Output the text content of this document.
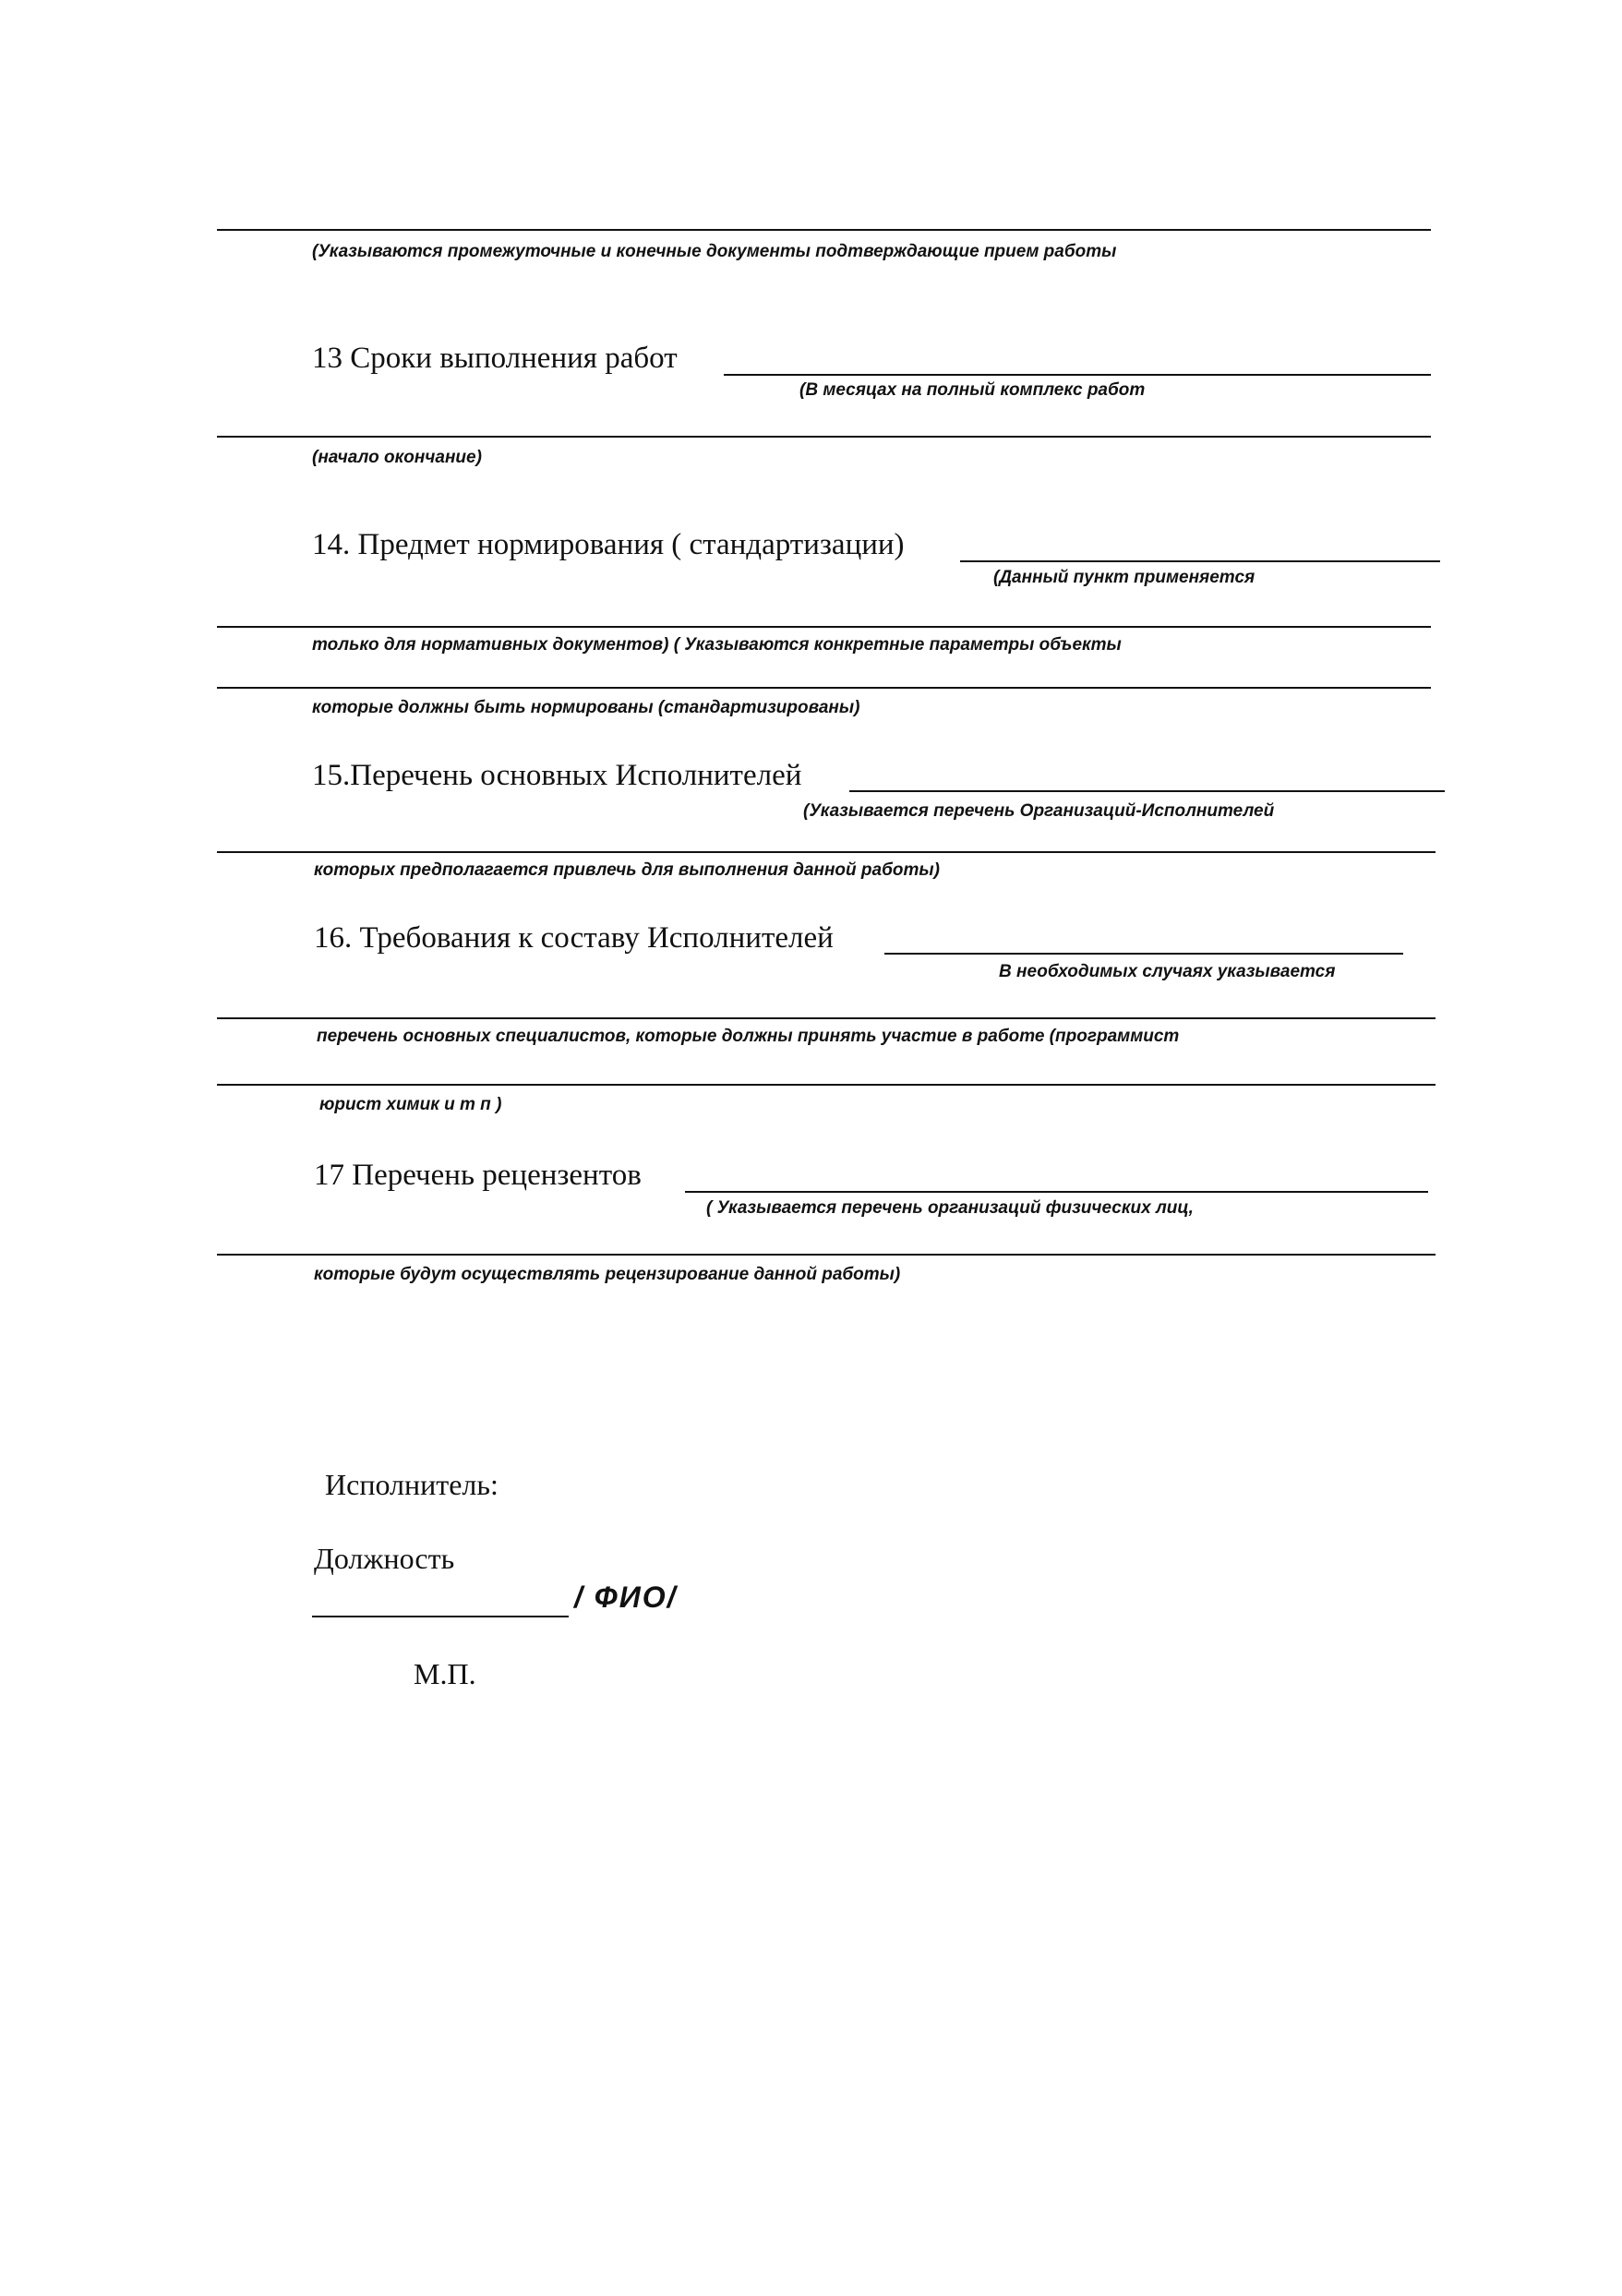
(Указываются промежуточные и конечные документы подтверждающие прием работы
13 Сроки выполнения работ
(В месяцах на полный комплекс работ
(начало окончание)
14. Предмет нормирования ( стандартизации)
(Данный пункт применяется
только для нормативных документов) ( Указываются конкретные параметры объекты
которые должны быть нормированы (стандартизированы)
15.Перечень основных Исполнителей
(Указывается перечень Организаций-Исполнителей
которых предполагается привлечь для выполнения данной работы)
16. Требования к составу Исполнителей
В необходимых случаях указывается
перечень основных специалистов, которые должны принять участие в работе (программист
юрист химик и т п )
17 Перечень рецензентов
( Указывается перечень организаций физических лиц,
которые будут осуществлять рецензирование данной работы)
Исполнитель:
Должность
/ ФИО/
М.П.
